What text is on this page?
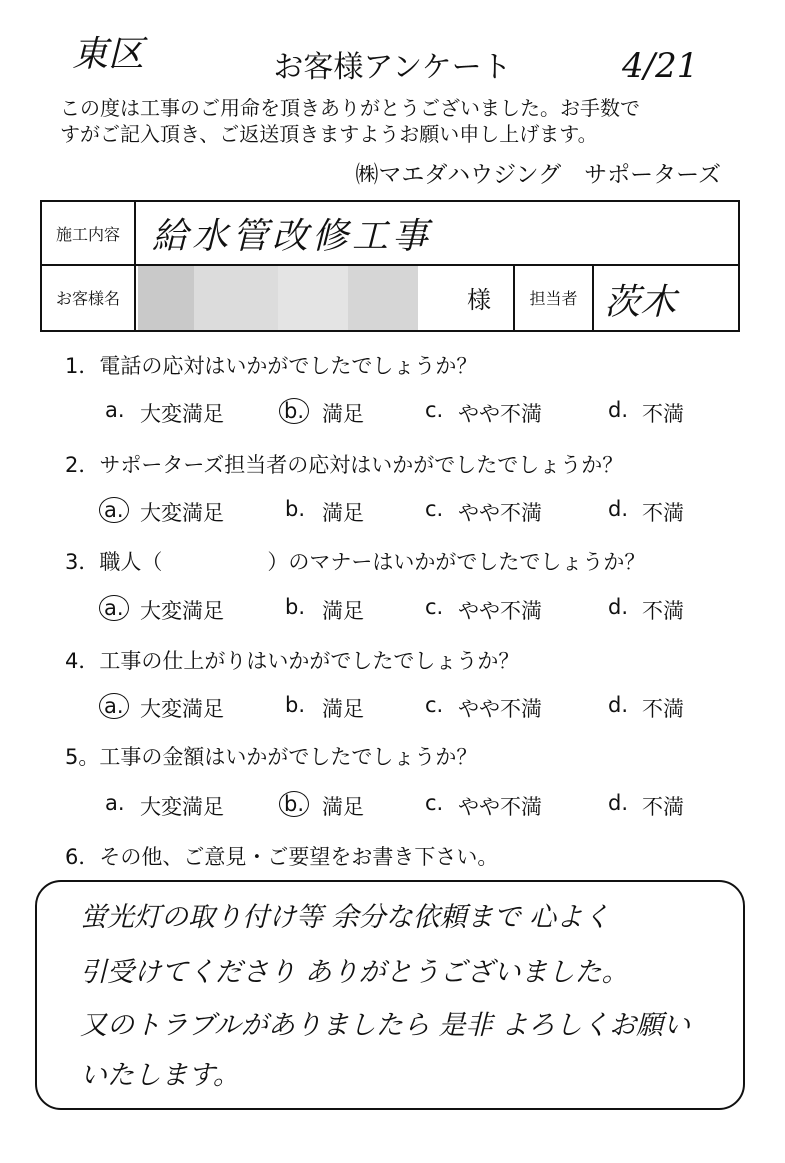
東区	お客様アンケート	4/21
この度は工事のご用命を頂きありがとうございました。お手数で
すがご記入頂き、ご返送頂きますようお願い申し上げます。
㈱マエダハウジング　サポーターズ
施工内容 給水管改修工事
お客様名	様	担当者 茨木
1．電話の応対はいかがでしたでしょうか？
a. 大変満足	b. 満足	c. やや不満	d. 不満
2．サポーターズ担当者の応対はいかがでしたでしょうか？
a. 大変満足	b. 満足	c. やや不満	d. 不満
3．職人（　　　　　）のマナーはいかがでしたでしょうか？
a. 大変満足	b. 満足	c. やや不満	d. 不満
4．工事の仕上がりはいかがでしたでしょうか？
a. 大変満足	b. 満足	c. やや不満	d. 不満
5。工事の金額はいかがでしたでしょうか？
a. 大変満足	b. 満足	c. やや不満	d. 不満
6．その他、ご意見・ご要望をお書き下さい。
蛍光灯の取り付け等 余分な依頼まで 心よく
引受けてくださり ありがとうございました。
又のトラブルがありましたら 是非 よろしくお願い
いたします。
